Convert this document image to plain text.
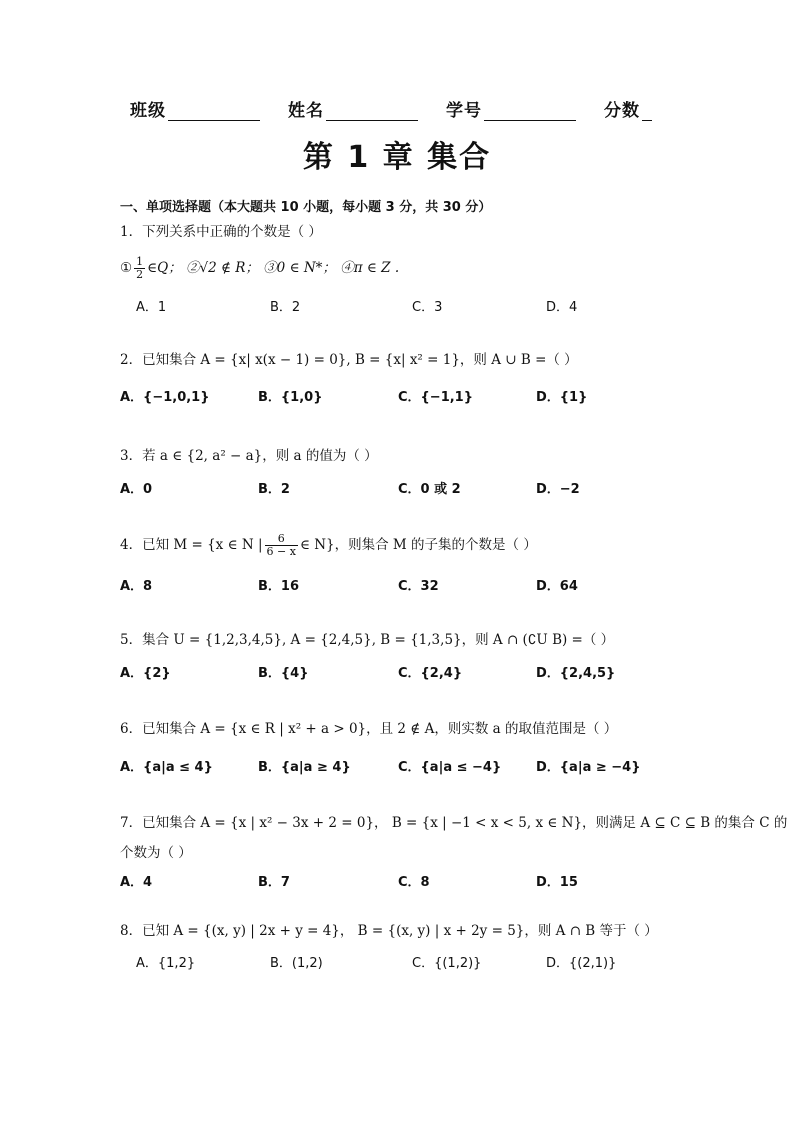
班级	姓名	学号	分数
第 1 章 集合
一、单项选择题（本大题共 10 小题，每小题 3 分，共 30 分）
1．下列关系中正确的个数是（ ）
① $\frac{1}{2}$ ∈Q； ②√2 ∉ R； ③0 ∈ N*； ④π ∈ Z .
A．1	B．2	C．3	D．4
2．已知集合 A = {x| x(x − 1) = 0}, B = {x| x² = 1}，则 A ∪ B =（ ）
A．{−1,0,1}	B．{1,0}	C．{−1,1}	D．{1}
3．若 a ∈ {2, a² − a}，则 a 的值为（ ）
A．0	B．2	C．0 或 2	D．−2
4．已知 M = {x ∈ N | $\frac{6}{6 - x}$ ∈ N}，则集合 M 的子集的个数是（ ）
A．8	B．16	C．32	D．64
5．集合 U = {1,2,3,4,5}, A = {2,4,5}, B = {1,3,5}，则 A ∩ (∁U B) =（ ）
A．{2}	B．{4}	C．{2,4}	D．{2,4,5}
6．已知集合 A = {x ∈ R | x² + a > 0}，且 2 ∉ A，则实数 a 的取值范围是（ ）
A．{a|a ≤ 4}	B．{a|a ≥ 4}	C．{a|a ≤ −4}	D．{a|a ≥ −4}
7．已知集合 A = {x | x² − 3x + 2 = 0}， B = {x | −1 < x < 5, x ∈ N}，则满足 A ⊆ C ⊆ B 的集合 C 的
个数为（ ）
A．4	B．7	C．8	D．15
8．已知 A = {(x, y) | 2x + y = 4}， B = {(x, y) | x + 2y = 5}，则 A ∩ B 等于（ ）
A．{1,2}	B．(1,2)	C．{(1,2)}	D．{(2,1)}
